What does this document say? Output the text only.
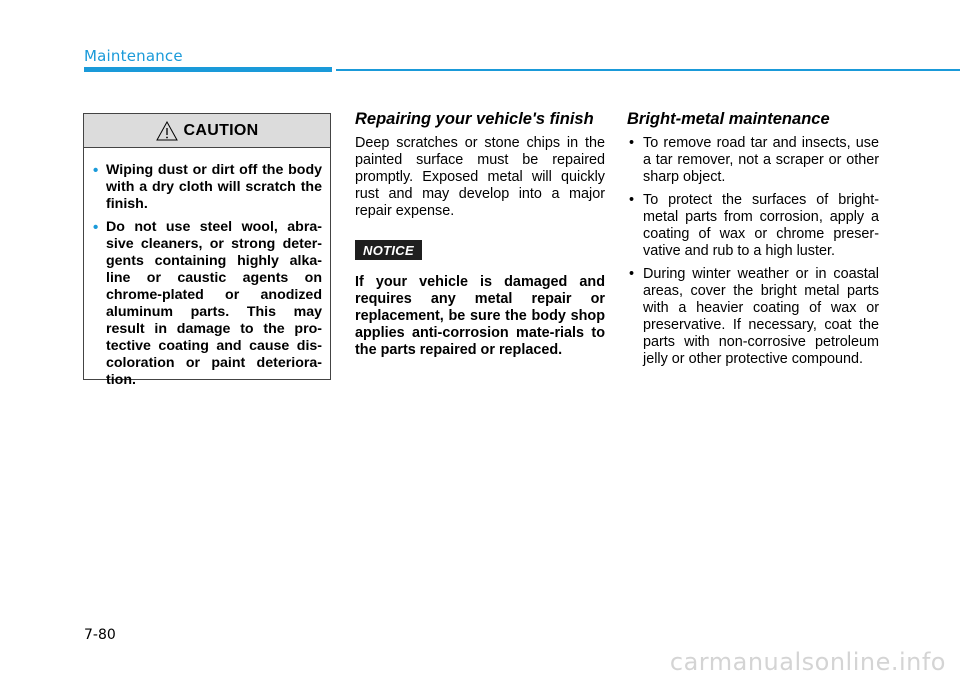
Maintenance
CAUTION
• Wiping dust or dirt off the body with a dry cloth will scratch the finish.
• Do not use steel wool, abra-sive cleaners, or strong deter-gents containing highly alka-line or caustic agents on chrome-plated or anodized aluminum parts. This may result in damage to the pro-tective coating and cause dis-coloration or paint deteriora-tion.
Repairing your vehicle's finish

Deep scratches or stone chips in the painted surface must be repaired promptly. Exposed metal will quickly rust and may develop into a major repair expense.

NOTICE

If your vehicle is damaged and requires any metal repair or replacement, be sure the body shop applies anti-corrosion mate-rials to the parts repaired or replaced.

Bright-metal maintenance
• To remove road tar and insects, use a tar remover, not a scraper or other sharp object.
• To protect the surfaces of bright-metal parts from corrosion, apply a coating of wax or chrome preser-vative and rub to a high luster.
• During winter weather or in coastal areas, cover the bright metal parts with a heavier coating of wax or preservative. If necessary, coat the parts with non-corrosive petroleum jelly or other protective compound.
7-80
carmanualsonline.info
